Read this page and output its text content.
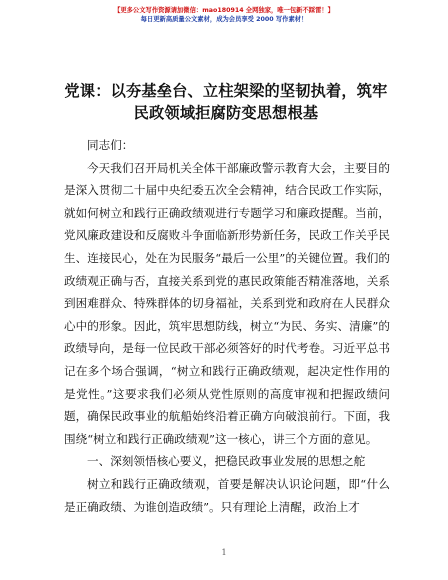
【更多公文写作资源请加微信：mao180914 全网独家，唯一包新不踩雷！】
每日更新高质量公文素材，成为会员享受 2000 写作素材！
党课：以夯基垒台、立柱架梁的坚韧执着，筑牢民政领域拒腐防变思想根基

同志们：

今天我们召开局机关全体干部廉政警示教育大会，主要目的是深入贯彻二十届中央纪委五次全会精神，结合民政工作实际，就如何树立和践行正确政绩观进行专题学习和廉政提醒。当前，党风廉政建设和反腐败斗争面临新形势新任务，民政工作关乎民生、连接民心，处在为民服务“最后一公里”的关键位置。我们的政绩观正确与否，直接关系到党的惠民政策能否精准落地，关系到困难群众、特殊群体的切身福祉，关系到党和政府在人民群众心中的形象。因此，筑牢思想防线，树立“为民、务实、清廉”的政绩导向，是每一位民政干部必须答好的时代考卷。习近平总书记在多个场合强调，“树立和践行正确政绩观，起决定性作用的是党性。”这要求我们必须从党性原则的高度审视和把握政绩问题，确保民政事业的航船始终沿着正确方向破浪前行。下面，我围绕“树立和践行正确政绩观”这一核心，讲三个方面的意见。

一、深刻领悟核心要义，把稳民政事业发展的思想之舵

树立和践行正确政绩观，首要是解决认识论问题，即“什么是正确政绩、为谁创造政绩”。只有理论上清醒，政治上才

1
